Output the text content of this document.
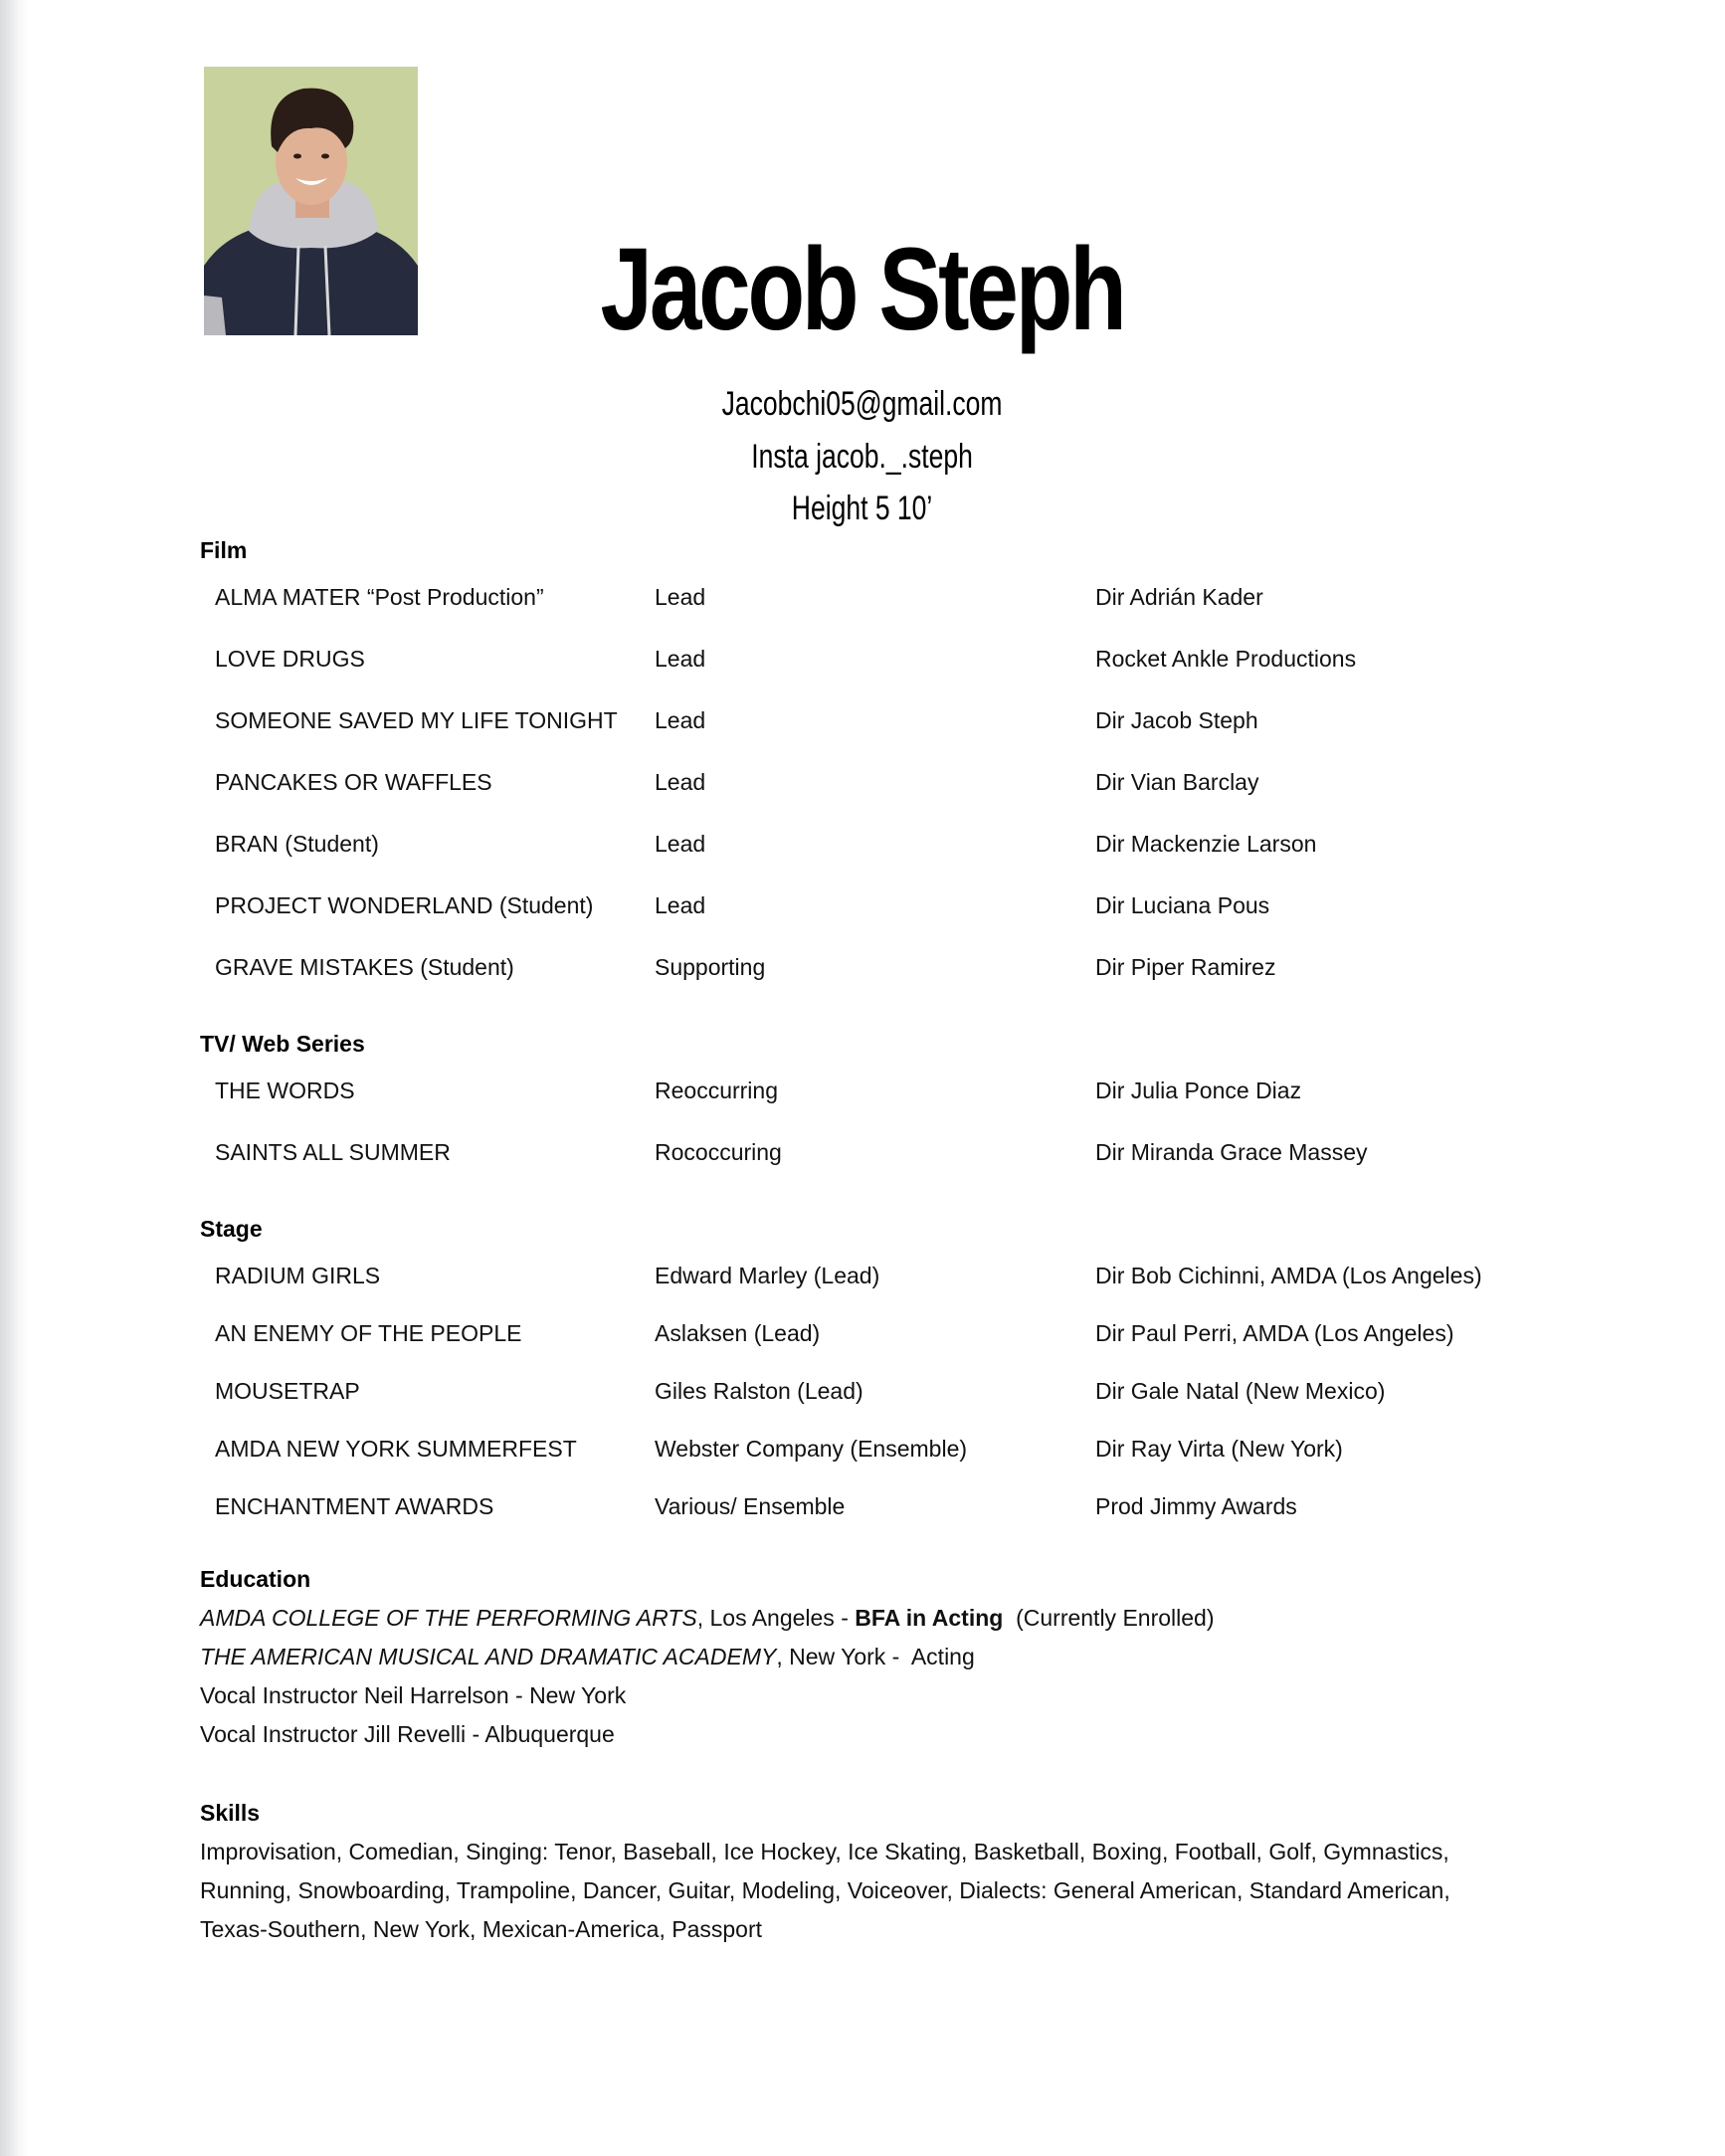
Jacob Steph
Jacobchi05@gmail.com
Insta jacob._.steph
Height 5 10’
Film
ALMA MATER “Post Production”	Lead	Dir Adrián Kader
LOVE DRUGS	Lead	Rocket Ankle Productions
SOMEONE SAVED MY LIFE TONIGHT Lead	Dir Jacob Steph
PANCAKES OR WAFFLES	Lead	Dir Vian Barclay
BRAN (Student)	Lead	Dir Mackenzie Larson
PROJECT WONDERLAND (Student)	Lead	Dir Luciana Pous
GRAVE MISTAKES (Student)	Supporting	Dir Piper Ramirez
TV/ Web Series
THE WORDS	Reoccurring	Dir Julia Ponce Diaz
SAINTS ALL SUMMER	Rococcuring	Dir Miranda Grace Massey
Stage
RADIUM GIRLS	Edward Marley (Lead)	Dir Bob Cichinni, AMDA (Los Angeles)
AN ENEMY OF THE PEOPLE	Aslaksen (Lead)	Dir Paul Perri, AMDA (Los Angeles)
MOUSETRAP	Giles Ralston (Lead)	Dir Gale Natal (New Mexico)
AMDA NEW YORK SUMMERFEST	Webster Company (Ensemble)	Dir Ray Virta (New York)
ENCHANTMENT AWARDS	Various/ Ensemble	Prod Jimmy Awards
Education
AMDA COLLEGE OF THE PERFORMING ARTS, Los Angeles - BFA in Acting  (Currently Enrolled)
THE AMERICAN MUSICAL AND DRAMATIC ACADEMY, New York -  Acting
Vocal Instructor Neil Harrelson - New York
Vocal Instructor Jill Revelli - Albuquerque
Skills
Improvisation, Comedian, Singing: Tenor, Baseball, Ice Hockey, Ice Skating, Basketball, Boxing, Football, Golf, Gymnastics,
Running, Snowboarding, Trampoline, Dancer, Guitar, Modeling, Voiceover, Dialects: General American, Standard American,
Texas-Southern, New York, Mexican-America, Passport
